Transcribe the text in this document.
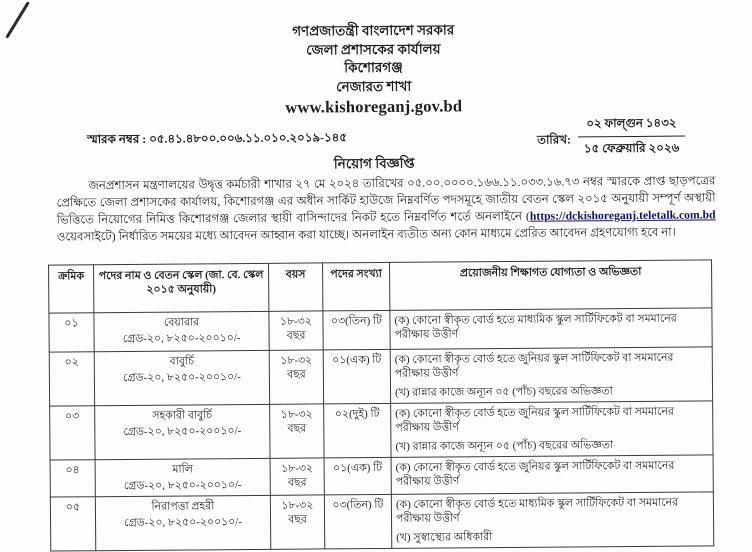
গণপ্রজাতন্ত্রী বাংলাদেশ সরকার
জেলা প্রশাসকের কার্যালয়
কিশোরগঞ্জ
নেজারত শাখা
www.kishoreganj.gov.bd
স্মারক নম্বর : ০৫.৪১.৪৮০০.০০৬.১১.০১০.২০১৯-১৪৫	তারিখ:
০২ ফাল্গুন ১৪৩২
১৫ ফেব্রুয়ারি ২০২৬
নিয়োগ বিজ্ঞপ্তি
জনপ্রশাসন মন্ত্রণালয়ের উদ্বৃত্ত কর্মচারী শাখার ২৭ মে ২০২৪ তারিখের ০৫.০০.০০০০.১৬৬.১১.০৩৩.১৬.৭৩ নম্বর স্মারকে প্রাপ্ত ছাড়পত্রের প্রেক্ষিতে জেলা প্রশাসকের কার্যালয়, কিশোরগঞ্জ এর অধীন সার্কিট হাউজে নিম্নবর্ণিত পদসমূহে জাতীয় বেতন স্কেল ২০১৫ অনুযায়ী সম্পূর্ণ অস্থায়ী ভিত্তিতে নিয়োগের নিমিত্ত কিশোরগঞ্জ জেলার স্থায়ী বাসিন্দাদের নিকট হতে নিম্নবর্ণিত শর্তে অনলাইনে (https://dckishoreganj.teletalk.com.bd ওয়েবসাইটে) নির্ধারিত সময়ের মধ্যে আবেদন আহ্বান করা যাচ্ছে। অনলাইন ব্যতীত অন্য কোন মাধ্যমে প্রেরিত আবেদন গ্রহণযোগ্য হবে না।
ক্রমিক	পদের নাম ও বেতন স্কেল (জা. বে. স্কেল ২০১৫ অনুযায়ী)	বয়স	পদের সংখ্যা	প্রয়োজনীয় শিক্ষাগত যোগ্যতা ও অভিজ্ঞতা
০১	বেয়ারার
গ্রেড-২০, ৮২৫০-২০০১০/-	১৮-৩২
বছর	০৩(তিন) টি	(ক) কোনো স্বীকৃত বোর্ড হতে মাধ্যমিক স্কুল সার্টিফিকেট বা সমমানের পরীক্ষায় উত্তীর্ণ

০২	বাবুর্চি
গ্রেড-২০, ৮২৫০-২০০১০/-	১৮-৩২
বছর	০১(এক) টি	(ক) কোনো স্বীকৃত বোর্ড হতে জুনিয়র স্কুল সার্টিফিকেট বা সমমানের পরীক্ষায় উত্তীর্ণ
(খ) রান্নার কাজে অন্যূন ০৫ (পাঁচ) বছরের অভিজ্ঞতা

০৩	সহকারী বাবুর্চি
গ্রেড-২০, ৮২৫০-২০০১০/-	১৮-৩২
বছর	০২(দুই) টি	(ক) কোনো স্বীকৃত বোর্ড হতে জুনিয়র স্কুল সার্টিফিকেট বা সমমানের পরীক্ষায় উত্তীর্ণ
(খ) রান্নার কাজে অন্যূন ০৫ (পাঁচ) বছরের অভিজ্ঞতা

০৪	মালি
গ্রেড-২০, ৮২৫০-২০০১০/-	১৮-৩২
বছর	০১(এক) টি	(ক) কোনো স্বীকৃত বোর্ড হতে জুনিয়র স্কুল সার্টিফিকেট বা সমমানের পরীক্ষায় উত্তীর্ণ

০৫	নিরাপত্তা প্রহরী
গ্রেড-২০, ৮২৫০-২০০১০/-	১৮-৩২
বছর	০৩(তিন) টি	(ক) কোনো স্বীকৃত বোর্ড হতে মাধ্যমিক স্কুল সার্টিফিকেট বা সমমানের পরীক্ষায় উত্তীর্ণ
(খ) সুস্বাস্থ্যের অধিকারী
